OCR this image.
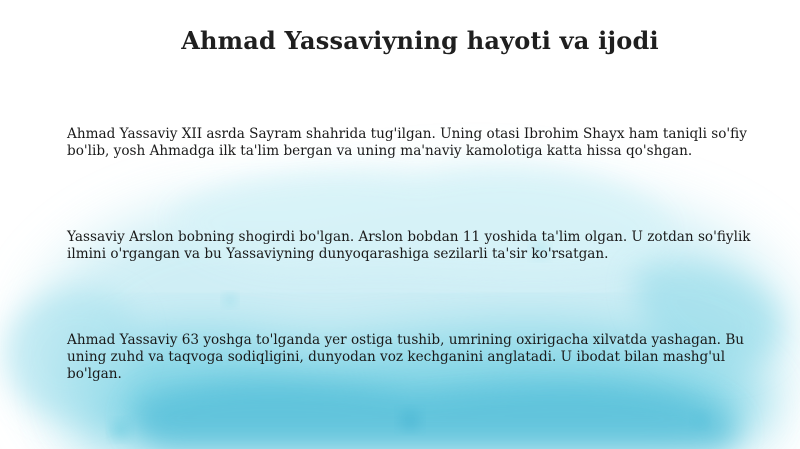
Ahmad Yassaviyning hayoti va ijodi

Ahmad Yassaviy XII asrda Sayram shahrida tug'ilgan. Uning otasi Ibrohim Shayx ham taniqli so'fiy bo'lib, yosh Ahmadga ilk ta'lim bergan va uning ma'naviy kamolotiga katta hissa qo'shgan.

Yassaviy Arslon bobning shogirdi bo'lgan. Arslon bobdan 11 yoshida ta'lim olgan. U zotdan so'fiylik ilmini o'rgangan va bu Yassaviyning dunyoqarashiga sezilarli ta'sir ko'rsatgan.

Ahmad Yassaviy 63 yoshga to'lganda yer ostiga tushib, umrining oxirigacha xilvatda yashagan. Bu uning zuhd va taqvoga sodiqligini, dunyodan voz kechganini anglatadi. U ibodat bilan mashg'ul bo'lgan.
